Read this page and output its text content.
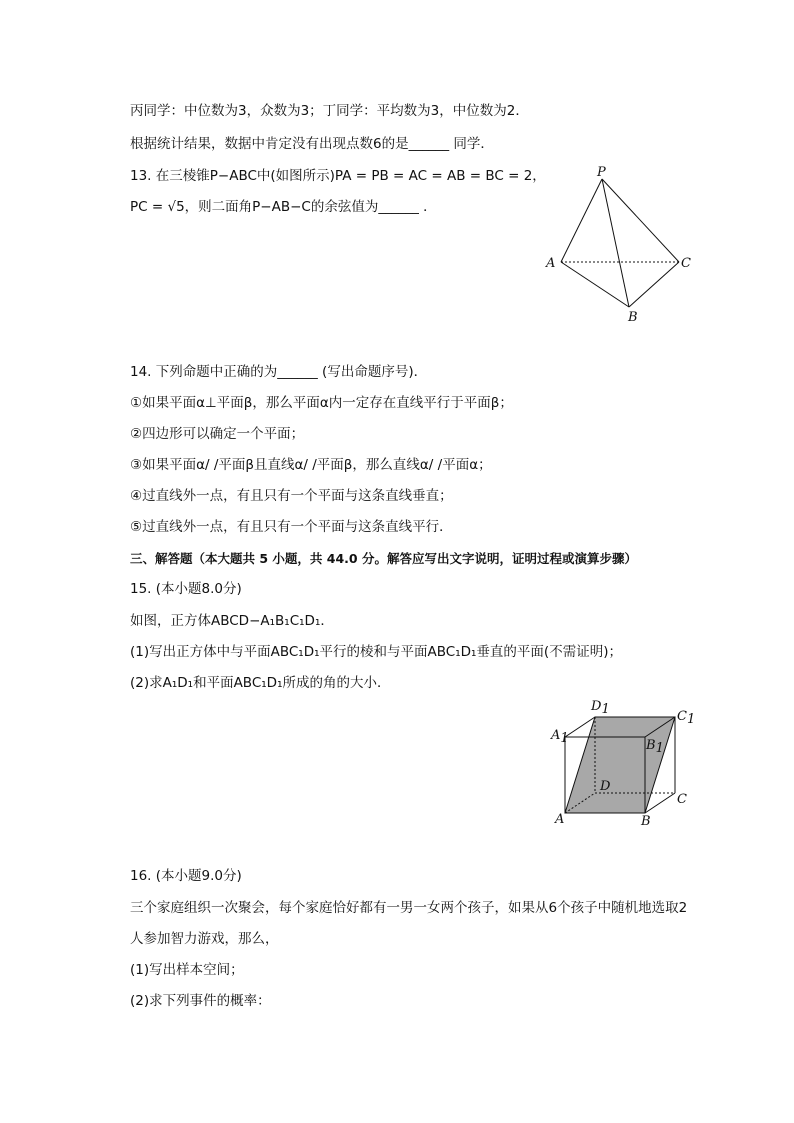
丙同学：中位数为3，众数为3；丁同学：平均数为3，中位数为2．
根据统计结果，数据中肯定没有出现点数6的是______ 同学．
13. 在三棱锥P−ABC中(如图所示)PA = PB = AC = AB = BC = 2，
PC = √5，则二面角P−AB−C的余弦值为______ ．
14. 下列命题中正确的为______ (写出命题序号)．
①如果平面α⊥平面β，那么平面α内一定存在直线平行于平面β；
②四边形可以确定一个平面；
③如果平面α/ /平面β且直线α/ /平面β，那么直线α/ /平面α；
④过直线外一点，有且只有一个平面与这条直线垂直；
⑤过直线外一点，有且只有一个平面与这条直线平行．
三、解答题（本大题共 5 小题，共 44.0 分。解答应写出文字说明，证明过程或演算步骤）
15. (本小题8.0分)
如图，正方体ABCD−A₁B₁C₁D₁．
(1)写出正方体中与平面ABC₁D₁平行的棱和与平面ABC₁D₁垂直的平面(不需证明)；
(2)求A₁D₁和平面ABC₁D₁所成的角的大小．
16. (本小题9.0分)
三个家庭组织一次聚会，每个家庭恰好都有一男一女两个孩子，如果从6个孩子中随机地选取2
人参加智力游戏，那么，
(1)写出样本空间；
(2)求下列事件的概率：
P
A
B
C
D1	C1
A1	B1
D
C
A	B
